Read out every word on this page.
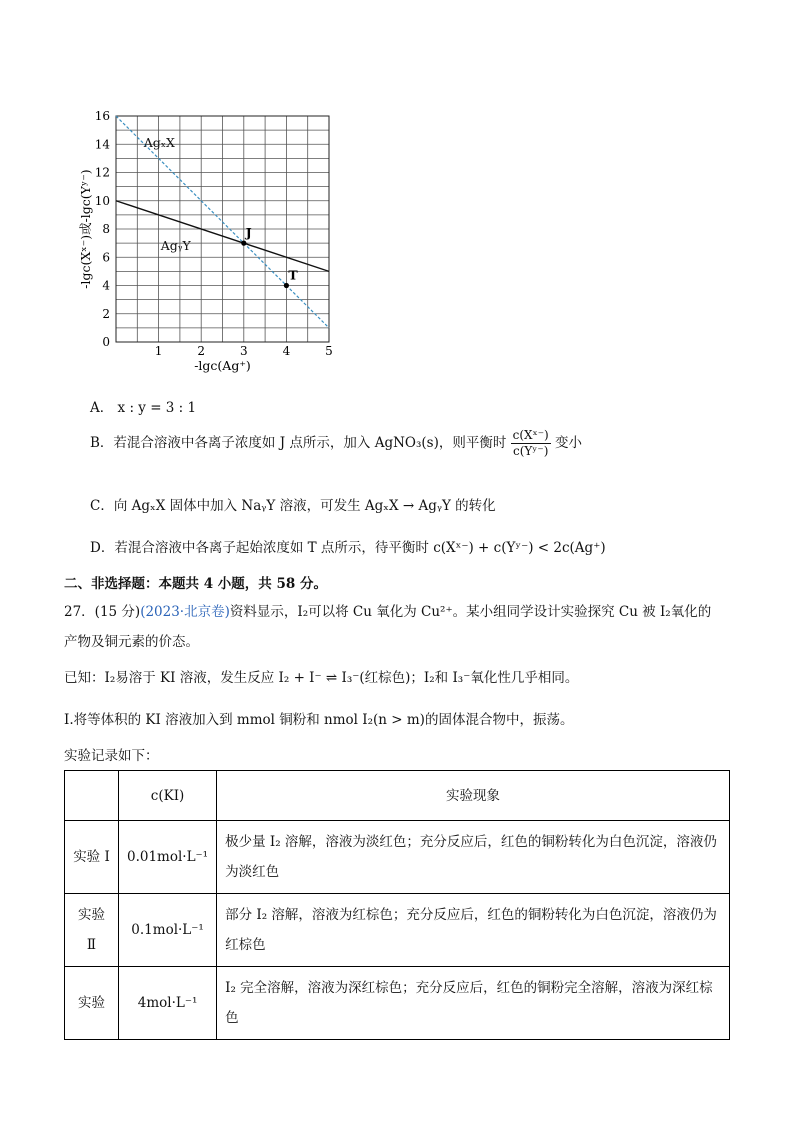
1	2	3	4	5
0
2
4
6
8
10
12
14
16
-lgc(Ag⁺)
-lgc(Xˣ⁻)或-lgc(Yʸ⁻)
AgₓX
AgᵧY
J
T
A． x : y = 3 : 1
B．若混合溶液中各离子浓度如 J 点所示，加入 AgNO₃(s)，则平衡时 $\frac{\text{c(Xˣ⁻)}}{\text{c(Yʸ⁻)}}$ 变小
C．向 AgₓX 固体中加入 NaᵧY 溶液，可发生 AgₓX → AgᵧY 的转化
D．若混合溶液中各离子起始浓度如 T 点所示，待平衡时 c(Xˣ⁻) + c(Yʸ⁻) < 2c(Ag⁺)
二、非选择题：本题共 4 小题，共 58 分。
27．(15 分)(2023·北京卷)资料显示，I₂可以将 Cu 氧化为 Cu²⁺。某小组同学设计实验探究 Cu 被 I₂氧化的
产物及铜元素的价态。
已知：I₂易溶于 KI 溶液，发生反应 I₂ + I⁻ ⇌ I₃⁻(红棕色)；I₂和 I₃⁻氧化性几乎相同。
I.将等体积的 KI 溶液加入到 mmol 铜粉和 nmol I₂(n > m)的固体混合物中，振荡。
实验记录如下：
	c(KI)	实验现象
实验 I	0.01mol·L⁻¹	极少量 I₂ 溶解，溶液为淡红色；充分反应后，红色的铜粉转化为白色沉淀，溶液仍为淡红色
实验 Ⅱ	0.1mol·L⁻¹	部分 I₂ 溶解，溶液为红棕色；充分反应后，红色的铜粉转化为白色沉淀，溶液仍为红棕色
实验	4mol·L⁻¹	I₂ 完全溶解，溶液为深红棕色；充分反应后，红色的铜粉完全溶解，溶液为深红棕色
